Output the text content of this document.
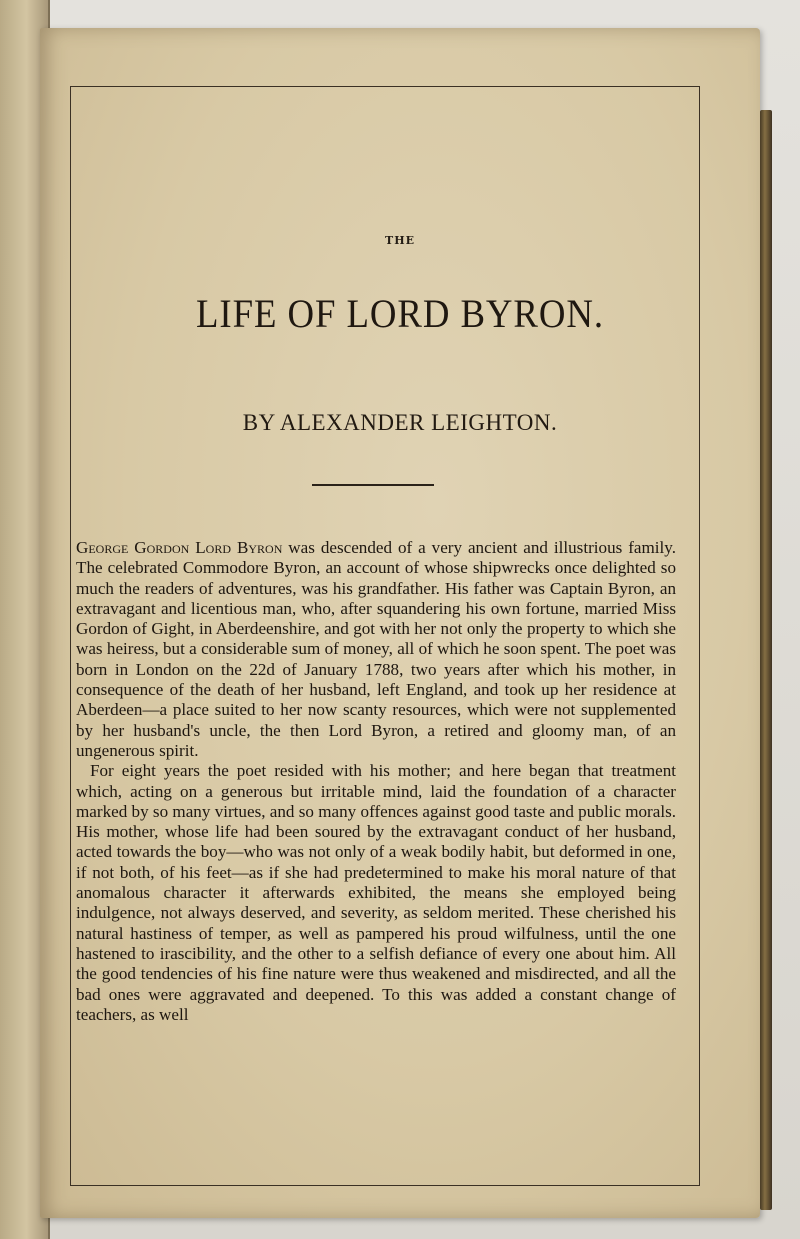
THE
LIFE OF LORD BYRON.
BY ALEXANDER LEIGHTON.

George Gordon Lord Byron was descended of a very ancient and illustrious family. The celebrated Commodore Byron, an account of whose shipwrecks once delighted so much the readers of adventures, was his grandfather. His father was Captain Byron, an extravagant and licentious man, who, after squandering his own fortune, married Miss Gordon of Gight, in Aberdeenshire, and got with her not only the property to which she was heiress, but a considerable sum of money, all of which he soon spent. The poet was born in London on the 22d of January 1788, two years after which his mother, in consequence of the death of her husband, left England, and took up her residence at Aberdeen—a place suited to her now scanty resources, which were not supplemented by her husband's uncle, the then Lord Byron, a retired and gloomy man, of an ungenerous spirit.

For eight years the poet resided with his mother; and here began that treatment which, acting on a generous but irritable mind, laid the foundation of a character marked by so many virtues, and so many offences against good taste and public morals. His mother, whose life had been soured by the extravagant conduct of her husband, acted towards the boy—who was not only of a weak bodily habit, but deformed in one, if not both, of his feet—as if she had predetermined to make his moral nature of that anomalous character it afterwards exhibited, the means she employed being indulgence, not always deserved, and severity, as seldom merited. These cherished his natural hastiness of temper, as well as pampered his proud wilfulness, until the one hastened to irascibility, and the other to a selfish defiance of every one about him. All the good tendencies of his fine nature were thus weakened and misdirected, and all the bad ones were aggravated and deepened. To this was added a constant change of teachers, as well
